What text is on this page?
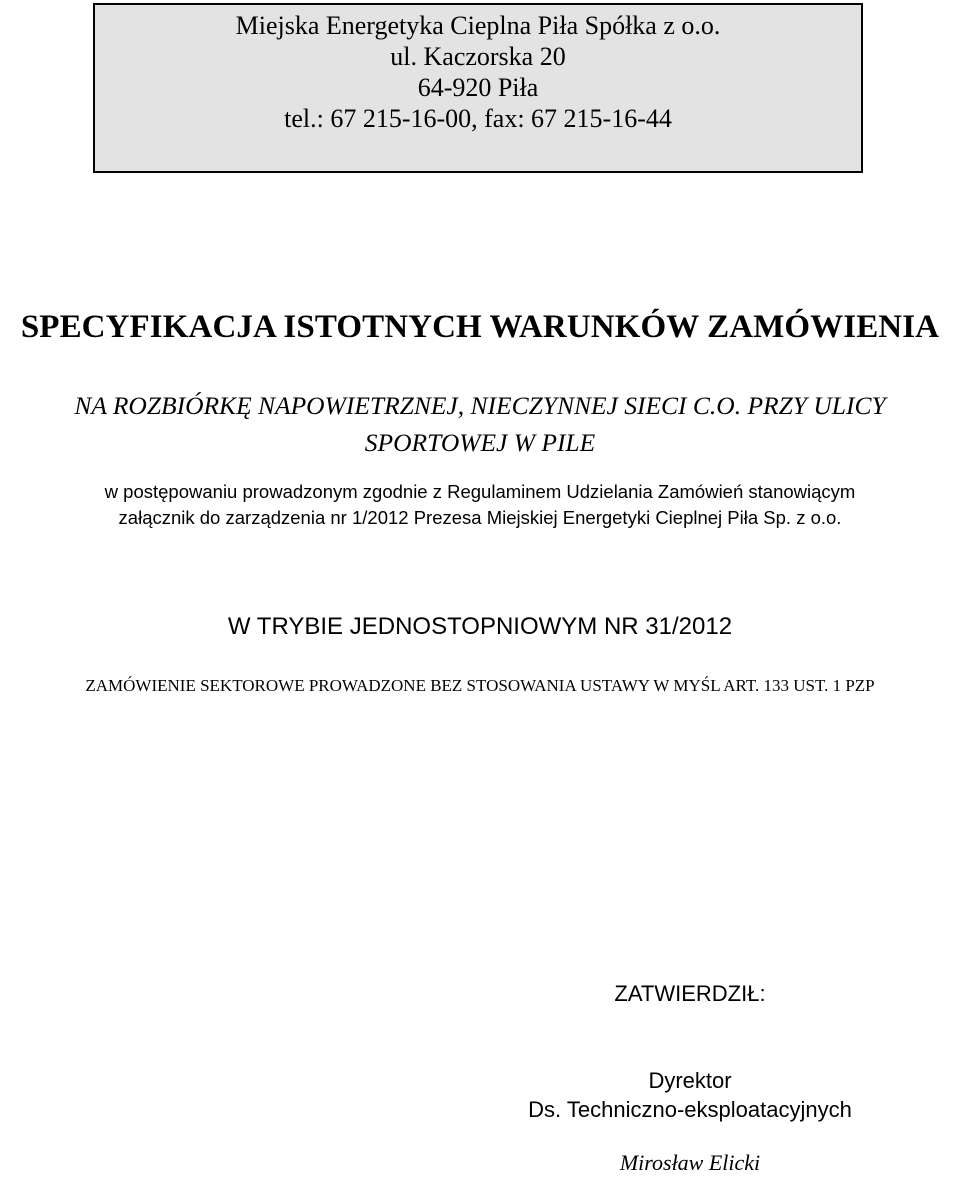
Miejska Energetyka Cieplna Piła Spółka z o.o.

ul. Kaczorska 20

64-920 Piła

tel.: 67 215-16-00, fax: 67 215-16-44

SPECYFIKACJA ISTOTNYCH WARUNKÓW ZAMÓWIENIA
NA ROZBIÓRKĘ NAPOWIETRZNEJ, NIECZYNNEJ SIECI C.O. PRZY ULICY
SPORTOWEJ W PILE
w postępowaniu prowadzonym zgodnie z Regulaminem Udzielania Zamówień stanowiącym
załącznik do zarządzenia nr 1/2012 Prezesa Miejskiej Energetyki Cieplnej Piła Sp. z o.o.
W TRYBIE JEDNOSTOPNIOWYM NR 31/2012
ZAMÓWIENIE SEKTOROWE PROWADZONE BEZ STOSOWANIA USTAWY W MYŚL ART. 133 UST. 1 PZP

ZATWIERDZIŁ:

Dyrektor

Ds. Techniczno-eksploatacyjnych

Mirosław Elicki
